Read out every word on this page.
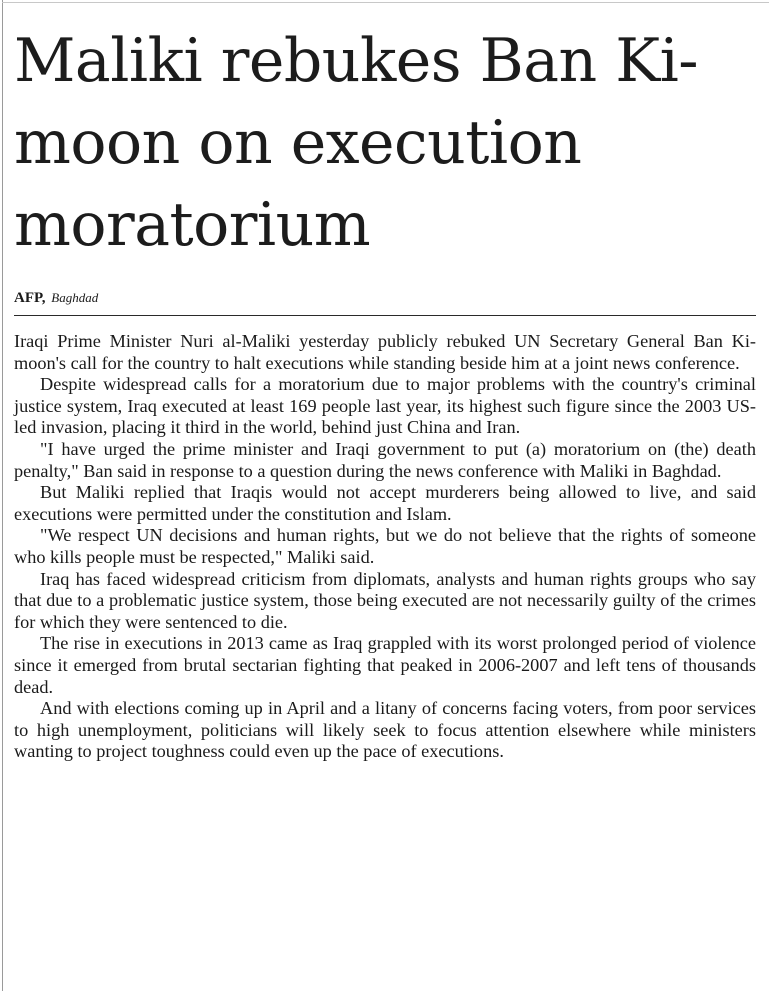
Maliki rebukes Ban Ki-moon on execution moratorium
AFP, Baghdad

Iraqi Prime Minister Nuri al-Maliki yesterday publicly rebuked UN Secretary General Ban Ki-moon's call for the country to halt executions while standing beside him at a joint news conference.

Despite widespread calls for a moratorium due to major problems with the country's criminal justice system, Iraq executed at least 169 people last year, its highest such figure since the 2003 US-led invasion, placing it third in the world, behind just China and Iran.

"I have urged the prime minister and Iraqi government to put (a) moratorium on (the) death penalty," Ban said in response to a question during the news conference with Maliki in Baghdad.

But Maliki replied that Iraqis would not accept murderers being allowed to live, and said executions were permitted under the constitution and Islam.

"We respect UN decisions and human rights, but we do not believe that the rights of someone who kills people must be respected," Maliki said.

Iraq has faced widespread criticism from diplomats, analysts and human rights groups who say that due to a problematic justice system, those being executed are not necessarily guilty of the crimes for which they were sentenced to die.

The rise in executions in 2013 came as Iraq grappled with its worst prolonged period of violence since it emerged from brutal sectarian fighting that peaked in 2006-2007 and left tens of thousands dead.

And with elections coming up in April and a litany of concerns facing voters, from poor services to high unemployment, politicians will likely seek to focus attention elsewhere while ministers wanting to project toughness could even up the pace of executions.
